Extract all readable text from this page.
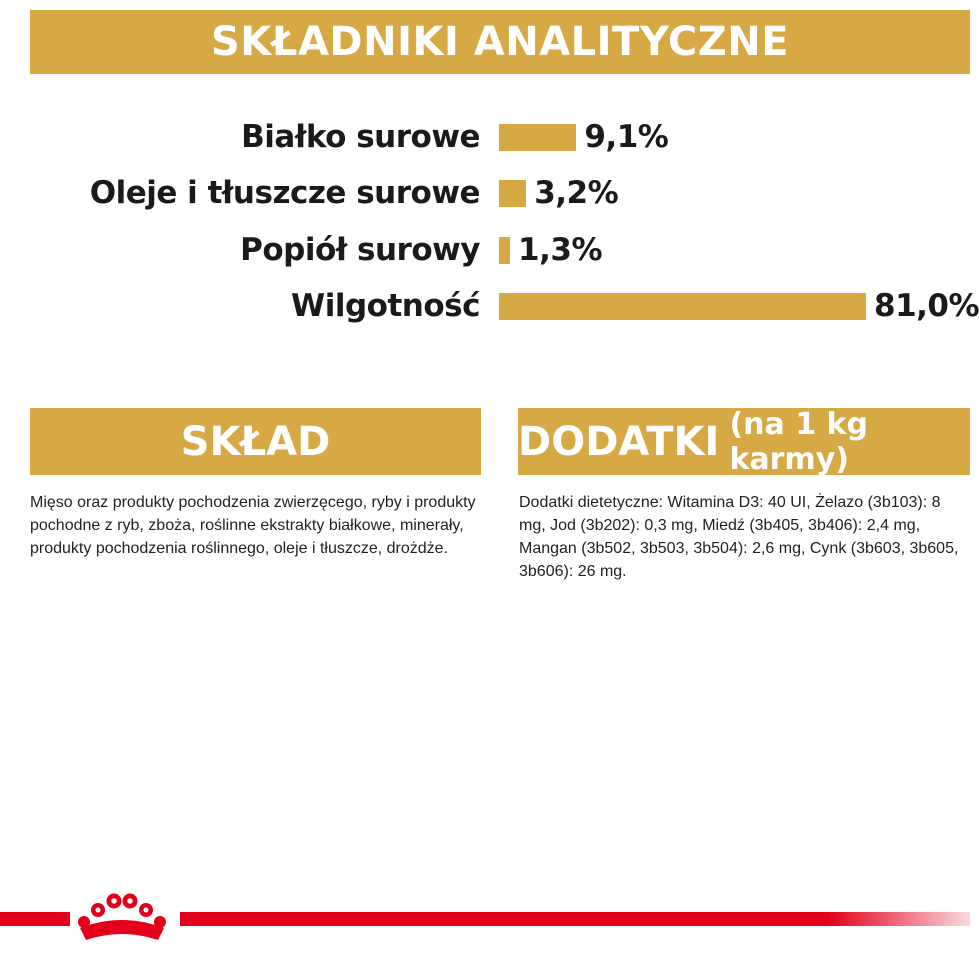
SKŁADNIKI ANALITYCZNE
Białko surowe	9,1%
Oleje i tłuszcze surowe 3,2%
Popiół surowy 1,3%
Wilgotność	81,0%
SKŁAD	DODATKI (na 1 kg karmy)
Mięso oraz produkty pochodzenia zwierzęcego, ryby i produkty pochodne z ryb, zboża, roślinne ekstrakty białkowe, minerały, produkty pochodzenia roślinnego, oleje i tłuszcze, drożdże.
Dodatki dietetyczne: Witamina D3: 40 UI, Żelazo (3b103): 8 mg, Jod (3b202): 0,3 mg, Miedź (3b405, 3b406): 2,4 mg, Mangan (3b502, 3b503, 3b504): 2,6 mg, Cynk (3b603, 3b605, 3b606): 26 mg.
